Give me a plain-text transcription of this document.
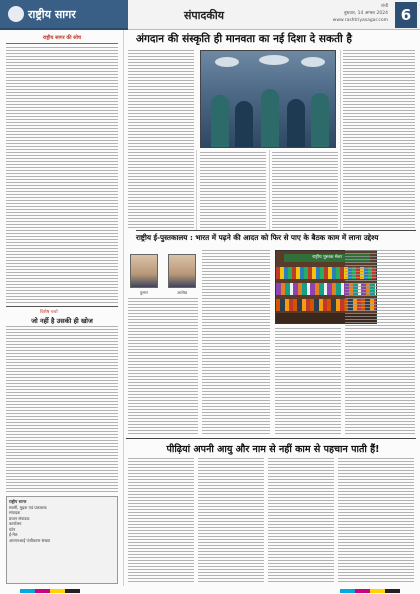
राष्ट्रीय सागर	संपादकीय
रांची
बुधवार, 14 अगस्त 2024
www.rashtriyasagar.com 6
राष्ट्रीय सागर की सोच
विशेष चर्चा
जो नहीं है उसकी ही खोज
राष्ट्रीय सागर
स्वामी, मुद्रक एवं प्रकाशक
संपादक
प्रधान संपादक
कार्यालय
फोन
ई-मेल
आरएनआई पंजीकरण संख्या
अंगदान की संस्कृति ही मानवता का नई दिशा दे सकती है
राष्ट्रीय ई-पुस्तकालय : भारत में पढ़ने की आदत को फिर से पाए के बैठक काम में लाना उद्देश्य
कुमार	आलेख
राष्ट्रीय पुस्तक मेला
पीढ़ियां अपनी आयु और नाम से नहीं काम से पहचान पाती हैं!
